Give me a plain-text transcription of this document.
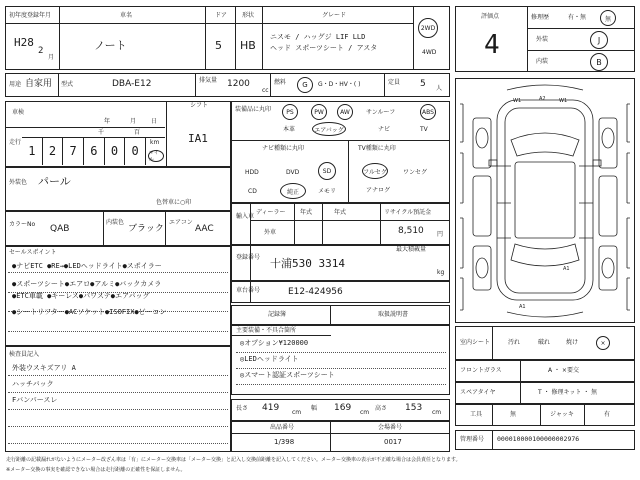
初年度登録年月
H28
2
月
車名
ノート
ドア
5
形状
HB
グレード
ニスモ / ハッグジ LIF LLD
ヘッド スポーツシート / アスタ
2WD
4WD
用途 自家用 型式	DBA-E12	排気量 1200
cc
燃料 G G・D・HV・( )	定員 5 人
車検
年	月 日
走行
千	百
1	2	7	6	0	0
km
マイル
シフト
IA1
外装色 パール
色替車に○印
カラーNo QAB
内装色
ブラック
エアコン
AAC
セールスポイント
●ナビETC ●RE→●LEDヘッドライト●スポイラー
●スポーツシート●エアロ●アルミ●バックカメラ
●ETC車載 ●キーレス●パワステ●エアバッグ
●シートリフター●ACソケット●ISOFIX●ビーコン
検査員記入
外装ウスキズアリ A
ハッチバック
Fバンパースレ
装備品に丸印	PS	PW	AW	サンルーフ	ABS
本革	エアバッグ	ナビ	TV
ナビ種類に丸印
HDD	DVD	SD
CD	純正	メモリ
TV種類に丸印
フルセグ	ワンセグ
アナログ
輸入車
ディーラー
外車
年式	年式	リサイクル預託金
8,510 円
登録番号 十浦530 3314
最大積載量
kg
車台番号	E12-424956
記録簿	取扱説明書
主要装備・不具合箇所
◎オプション¥120000
◎LEDヘッドライト
◎スマート認証スポーツシート
長さ 419 cm
幅 169 cm
高さ 153 cm
出品番号
1/398
会場番号
0017
評価点
4
修理歴	有・無	無
外装	J
内装	B
A2
W1	W1
A1
A1
室内シート	汚れ	破れ	焼け	×
フロントガラス	A ・ ×要交
スペアタイヤ	T ・ 修理キット ・ 無
工具	無	ジャッキ	有
管理番号 000010000100000002976
走行距離の記載漏れがないようにメーター改ざん車は「有」にメーター交換車は「メーター交換」と記入し交換前距離を記入してください。メーター交換車の表示が不正確な場合は会員責任となります。
※メーター交換の事実を確認できない場合は走行距離の正確性を保証しません。
